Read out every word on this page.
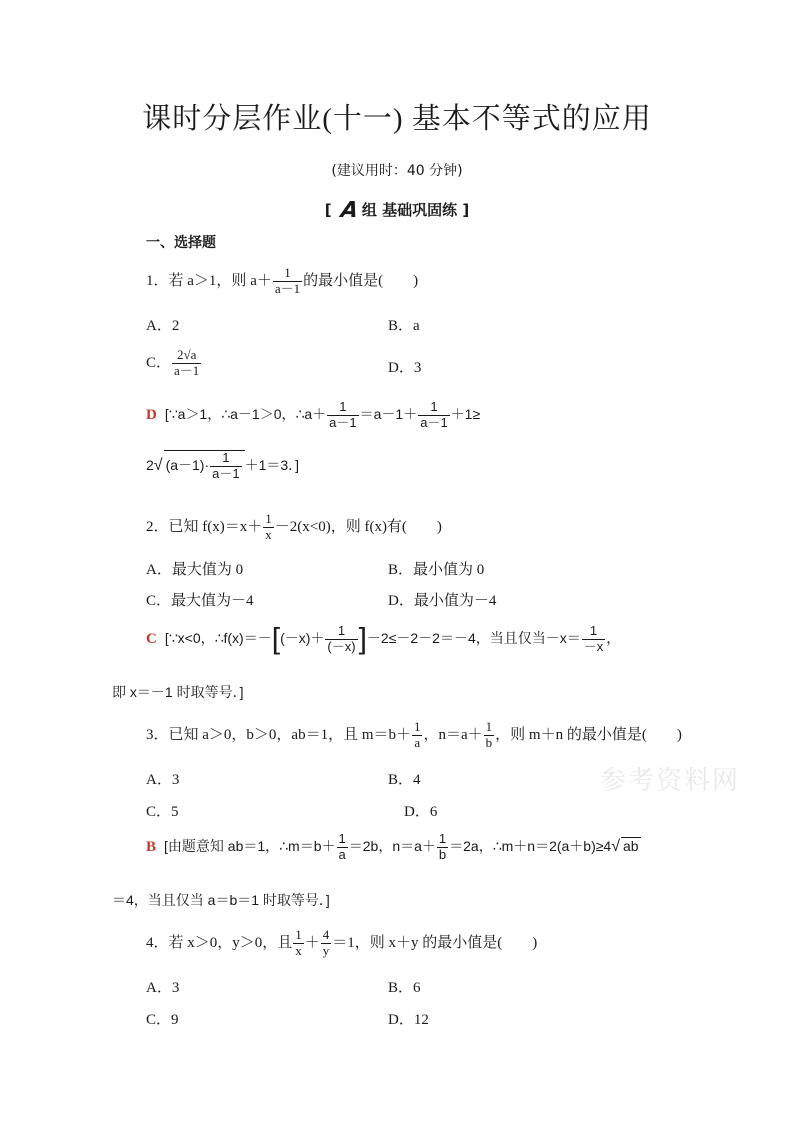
课时分层作业(十一) 基本不等式的应用
(建议用时：40 分钟)
[ A 组 基础巩固练 ]
一、选择题
1．若 a＞1，则 $a+ \frac{1}{a-1}$ 的最小值是(　　)
A．2	B．a
C． $\frac{2√a}{a-1}$	D．3
D [∵a＞1，∴a－1＞0，∴a＋ $\frac{1}{a-1} =a-1+ \frac{1}{a-1} +1\ge$
2√ $(a-1)\cdot \frac{1}{a-1} +1=3$．]
2．已知 $f(x)=x+ \frac{1}{x} -2(x<0)$，则 f(x)有(　　)
A．最大值为 0	B．最小值为 0
C．最大值为－4	D．最小值为－4
C [∵x<0，∴f(x)＝－[(－x)＋ $\frac{1}{(-x)} ]-2\le-2-2=-4$，当且仅当$-x= \frac{1}{-x}$ ，
即 x＝－1 时取等号．]
3．已知 a＞0，b＞0，ab＝1，且 $m=b+ \frac{1}{a}$ ，$n=a+ \frac{1}{b}$ ，则 m＋n 的最小值是(　　)
A．3	B．4
C．5	D．6
B [由题意知 ab＝1，∴m＝b＋ $\frac{1}{a} =2b$，$n=a+ \frac{1}{b} =2a$，∴m＋n＝2(a＋b)≥4√ ab
＝4，当且仅当 a＝b＝1 时取等号．]
4．若 x＞0，y＞0，且 $\frac{1}{x} + \frac{4}{y} =1$，则 x＋y 的最小值是(　　)
A．3	B．6
C．9	D．12
参考资料网
